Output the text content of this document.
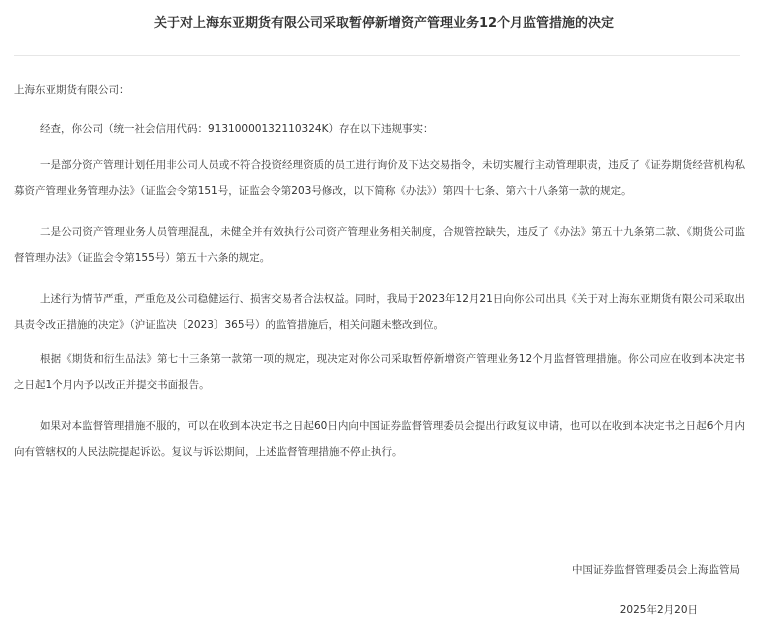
关于对上海东亚期货有限公司采取暂停新增资产管理业务12个月监管措施的决定
上海东亚期货有限公司：

经查，你公司（统一社会信用代码：91310000132110324K）存在以下违规事实：

一是部分资产管理计划任用非公司人员或不符合投资经理资质的员工进行询价及下达交易指令，未切实履行主动管理职责，违反了《证券期货经营机构私募资产管理业务管理办法》（证监会令第151号，证监会令第203号修改，以下简称《办法》）第四十七条、第六十八条第一款的规定。

二是公司资产管理业务人员管理混乱，未健全并有效执行公司资产管理业务相关制度，合规管控缺失，违反了《办法》第五十九条第二款、《期货公司监督管理办法》（证监会令第155号）第五十六条的规定。

上述行为情节严重，严重危及公司稳健运行、损害交易者合法权益。同时，我局于2023年12月21日向你公司出具《关于对上海东亚期货有限公司采取出具责令改正措施的决定》（沪证监决〔2023〕365号）的监管措施后，相关问题未整改到位。

根据《期货和衍生品法》第七十三条第一款第一项的规定，现决定对你公司采取暂停新增资产管理业务12个月监督管理措施。你公司应在收到本决定书之日起1个月内予以改正并提交书面报告。

如果对本监督管理措施不服的，可以在收到本决定书之日起60日内向中国证券监督管理委员会提出行政复议申请，也可以在收到本决定书之日起6个月内向有管辖权的人民法院提起诉讼。复议与诉讼期间，上述监督管理措施不停止执行。

中国证券监督管理委员会上海监管局
2025年2月20日
